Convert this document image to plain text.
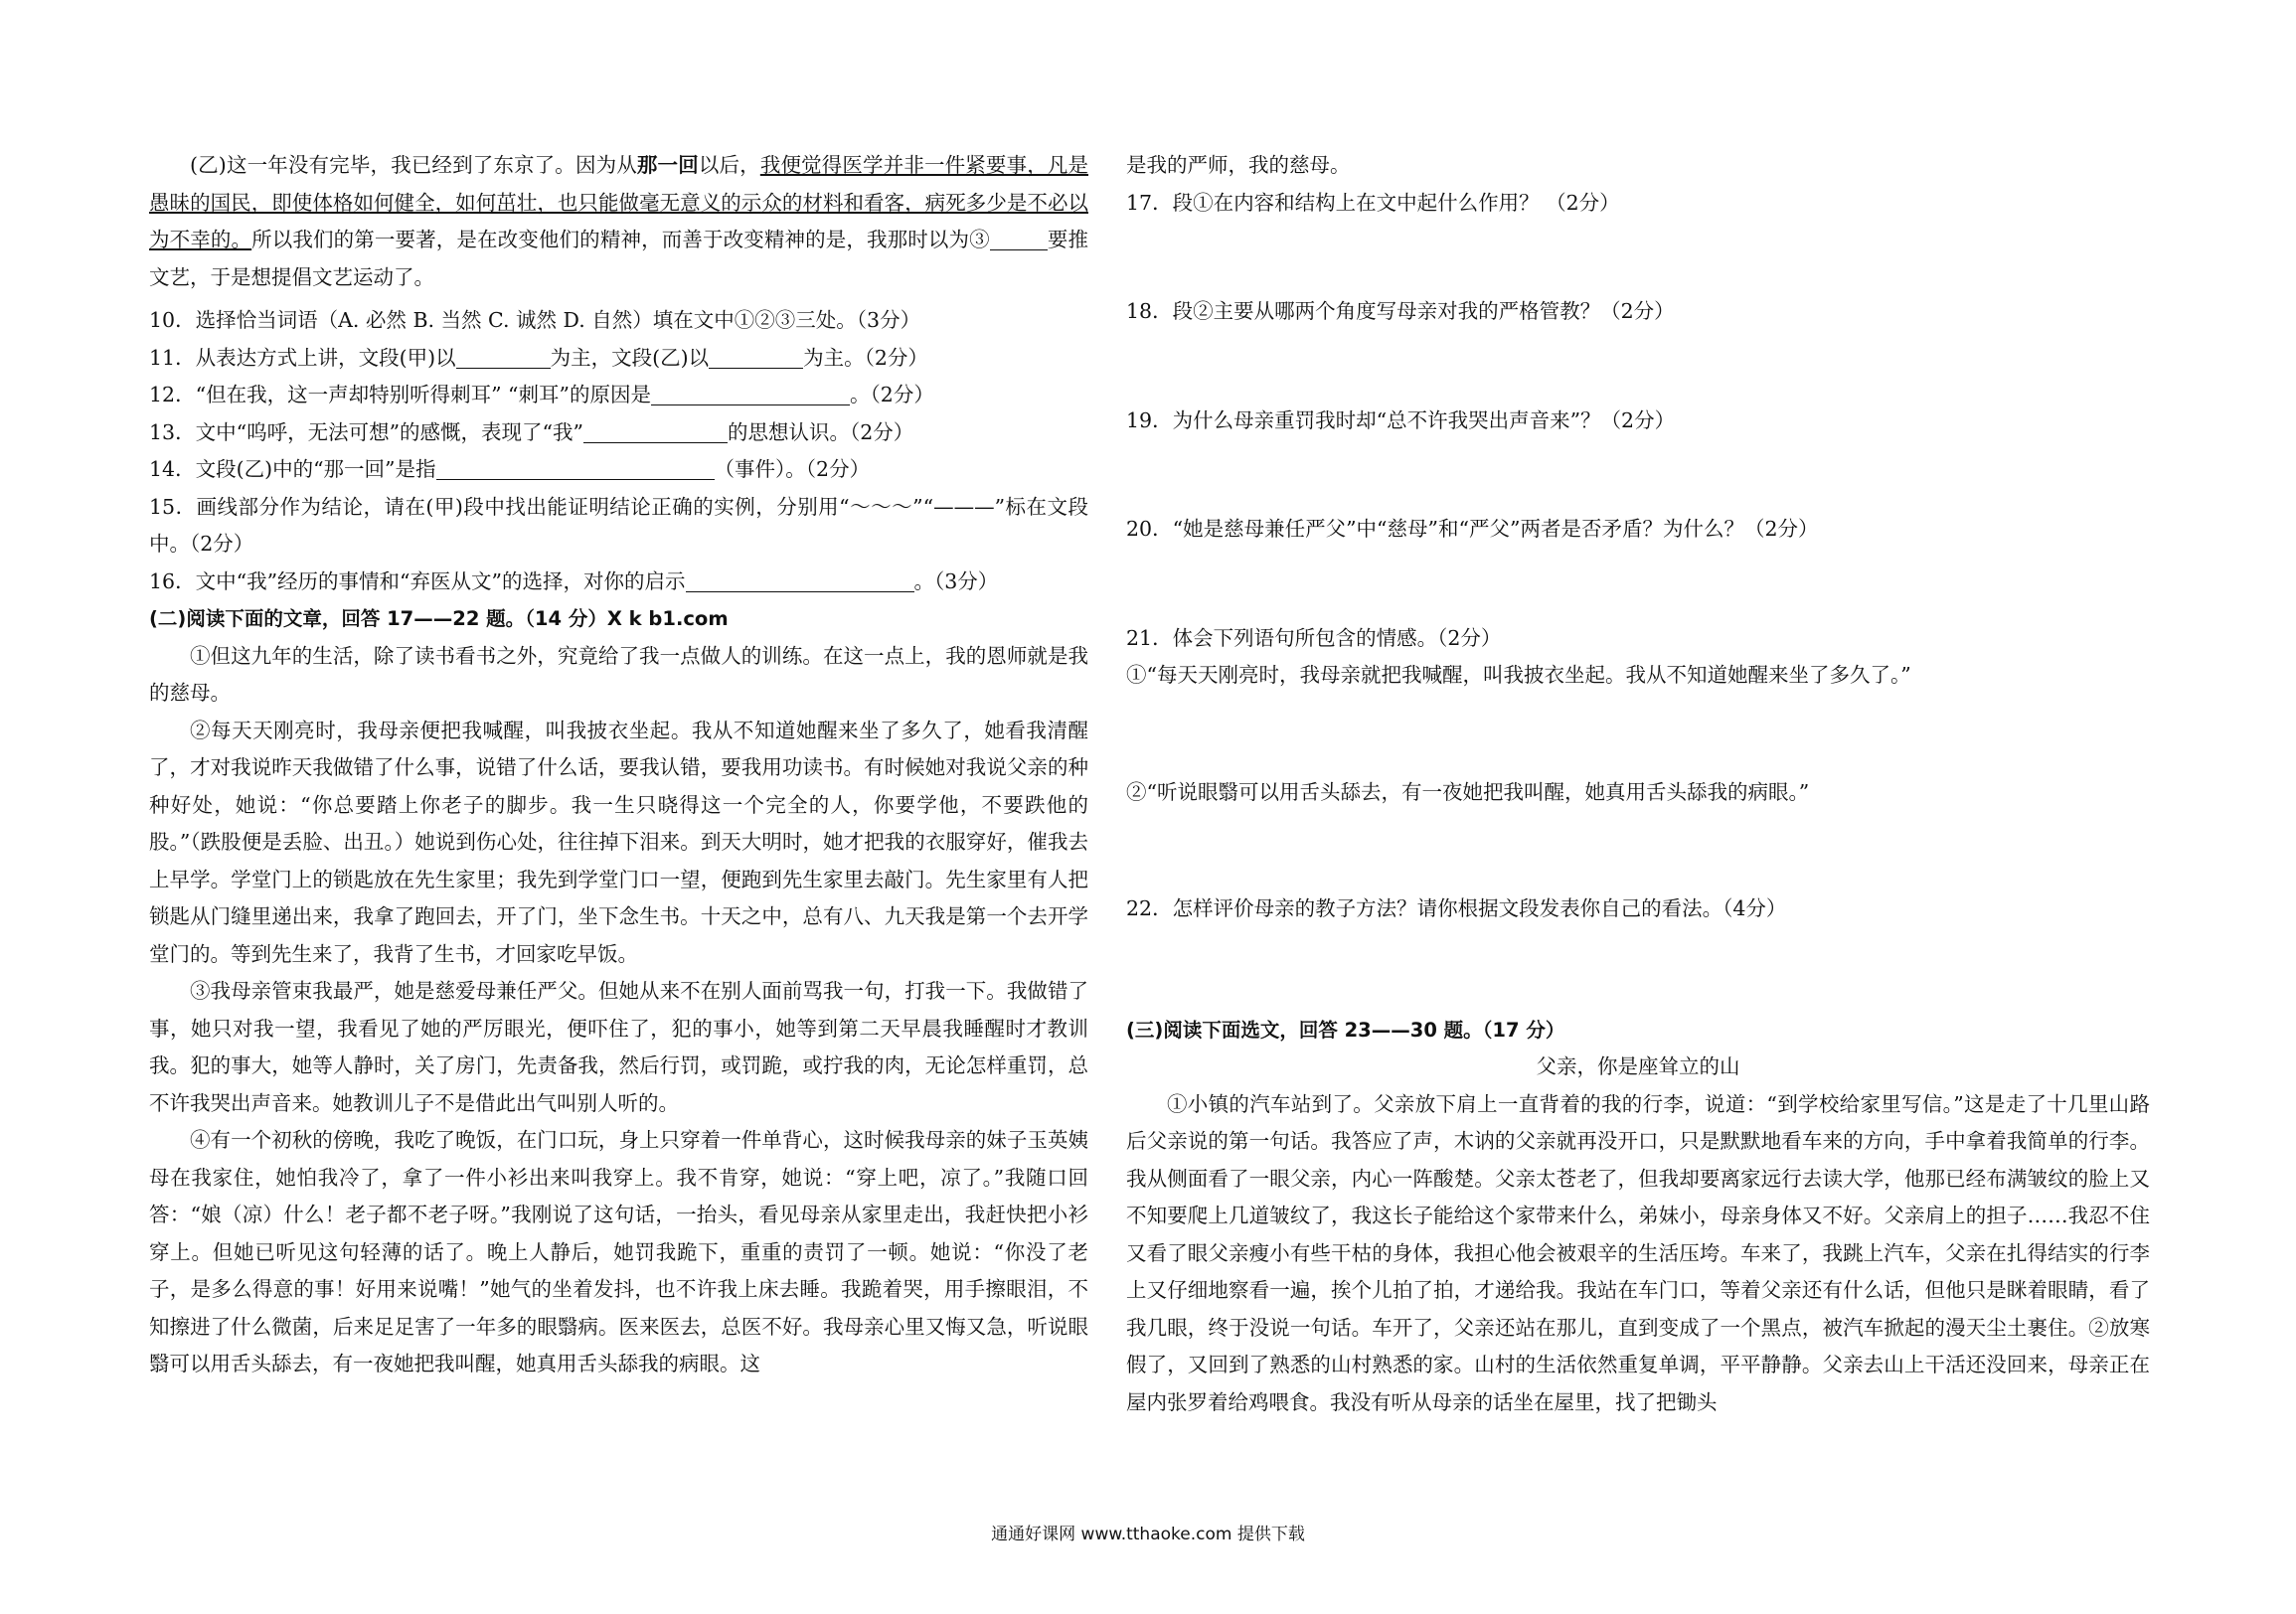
(乙)这一年没有完毕，我已经到了东京了。因为从那一回以后，我便觉得医学并非一件紧要事，凡是愚昧的国民，即使体格如何健全，如何茁壮，也只能做毫无意义的示众的材料和看客，病死多少是不必以为不幸的。所以我们的第一要著，是在改变他们的精神，而善于改变精神的是，我那时以为③	要推文艺，于是想提倡文艺运动了。

10．选择恰当词语（A. 必然 B. 当然 C. 诚然 D. 自然）填在文中①②③三处。（3分）

11．从表达方式上讲，文段(甲)以	为主，文段(乙)以	为主。（2分）

12．“但在我，这一声却特别听得刺耳” “刺耳”的原因是	。（2分）

13．文中“呜呼，无法可想”的感慨，表现了“我”	的思想认识。（2分）

14．文段(乙)中的“那一回”是指	（事件）。（2分）

15．画线部分作为结论，请在(甲)段中找出能证明结论正确的实例，分别用“～～～”“———”标在文段中。（2分）

16．文中“我”经历的事情和“弃医从文”的选择，对你的启示	。（3分）

(二)阅读下面的文章，回答 17——22 题。（14 分）X k b1.com

①但这九年的生活，除了读书看书之外，究竟给了我一点做人的训练。在这一点上，我的恩师就是我的慈母。

②每天天刚亮时，我母亲便把我喊醒，叫我披衣坐起。我从不知道她醒来坐了多久了，她看我清醒了，才对我说昨天我做错了什么事，说错了什么话，要我认错，要我用功读书。有时候她对我说父亲的种种好处，她说：“你总要踏上你老子的脚步。我一生只晓得这一个完全的人，你要学他，不要跌他的股。”（跌股便是丢脸、出丑。）她说到伤心处，往往掉下泪来。到天大明时，她才把我的衣服穿好，催我去上早学。学堂门上的锁匙放在先生家里；我先到学堂门口一望，便跑到先生家里去敲门。先生家里有人把锁匙从门缝里递出来，我拿了跑回去，开了门，坐下念生书。十天之中，总有八、九天我是第一个去开学堂门的。等到先生来了，我背了生书，才回家吃早饭。

③我母亲管束我最严，她是慈爱母兼任严父。但她从来不在别人面前骂我一句，打我一下。我做错了事，她只对我一望，我看见了她的严厉眼光，便吓住了，犯的事小，她等到第二天早晨我睡醒时才教训我。犯的事大，她等人静时，关了房门，先责备我，然后行罚，或罚跪，或拧我的肉，无论怎样重罚，总不许我哭出声音来。她教训儿子不是借此出气叫别人听的。

④有一个初秋的傍晚，我吃了晚饭，在门口玩，身上只穿着一件单背心，这时候我母亲的妹子玉英姨母在我家住，她怕我冷了，拿了一件小衫出来叫我穿上。我不肯穿，她说：“穿上吧，凉了。”我随口回答：“娘（凉）什么！老子都不老子呀。”我刚说了这句话，一抬头，看见母亲从家里走出，我赶快把小衫穿上。但她已听见这句轻薄的话了。晚上人静后，她罚我跪下，重重的责罚了一顿。她说：“你没了老子，是多么得意的事！好用来说嘴！”她气的坐着发抖，也不许我上床去睡。我跪着哭，用手擦眼泪，不知擦进了什么微菌，后来足足害了一年多的眼翳病。医来医去，总医不好。我母亲心里又悔又急，听说眼翳可以用舌头舔去，有一夜她把我叫醒，她真用舌头舔我的病眼。这

是我的严师，我的慈母。

17．段①在内容和结构上在文中起什么作用？ （2分）

18．段②主要从哪两个角度写母亲对我的严格管教？（2分）

19．为什么母亲重罚我时却“总不许我哭出声音来”？（2分）

20．“她是慈母兼任严父”中“慈母”和“严父”两者是否矛盾？为什么？（2分）

21．体会下列语句所包含的情感。（2分）

①“每天天刚亮时，我母亲就把我喊醒，叫我披衣坐起。我从不知道她醒来坐了多久了。”

②“听说眼翳可以用舌头舔去，有一夜她把我叫醒，她真用舌头舔我的病眼。”

22．怎样评价母亲的教子方法？请你根据文段发表你自己的看法。（4分）

(三)阅读下面选文，回答 23——30 题。（17 分）

父亲，你是座耸立的山

①小镇的汽车站到了。父亲放下肩上一直背着的我的行李，说道：“到学校给家里写信。”这是走了十几里山路后父亲说的第一句话。我答应了声，木讷的父亲就再没开口，只是默默地看车来的方向，手中拿着我简单的行李。我从侧面看了一眼父亲，内心一阵酸楚。父亲太苍老了，但我却要离家远行去读大学，他那已经布满皱纹的脸上又不知要爬上几道皱纹了，我这长子能给这个家带来什么，弟妹小，母亲身体又不好。父亲肩上的担子……我忍不住又看了眼父亲瘦小有些干枯的身体，我担心他会被艰辛的生活压垮。车来了，我跳上汽车，父亲在扎得结实的行李上又仔细地察看一遍，挨个儿拍了拍，才递给我。我站在车门口，等着父亲还有什么话，但他只是眯着眼睛，看了我几眼，终于没说一句话。车开了，父亲还站在那儿，直到变成了一个黑点，被汽车掀起的漫天尘土裹住。②放寒假了，又回到了熟悉的山村熟悉的家。山村的生活依然重复单调，平平静静。父亲去山上干活还没回来，母亲正在屋内张罗着给鸡喂食。我没有听从母亲的话坐在屋里，找了把锄头

通通好课网 www.tthaoke.com 提供下载
